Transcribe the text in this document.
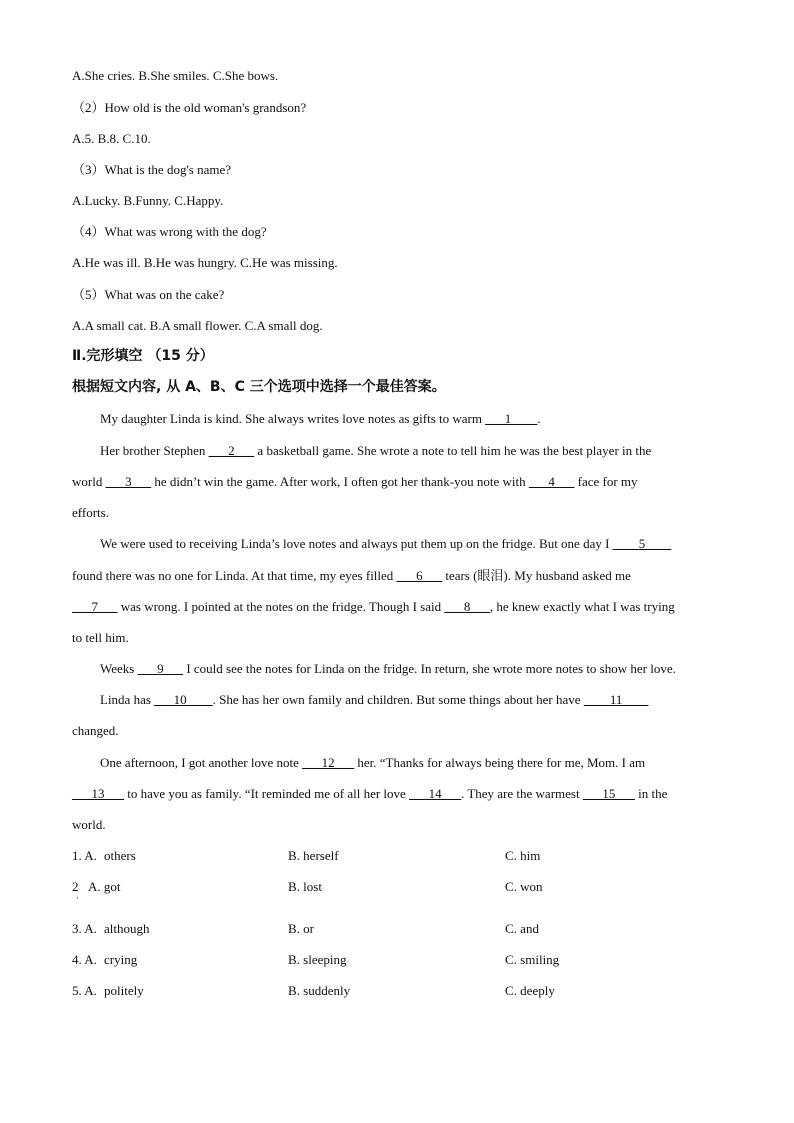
A.She cries. B.She smiles. C.She bows.
（2）How old is the old woman's grandson?
A.5. B.8. C.10.
（3）What is the dog's name?
A.Lucky. B.Funny. C.Happy.
（4）What was wrong with the dog?
A.He was ill. B.He was hungry. C.He was missing.
（5）What was on the cake?
A.A small cat. B.A small flower. C.A small dog.
Ⅱ.完形填空 （15 分）
根据短文内容, 从 A、B、C 三个选项中选择一个最佳答案。
My daughter Linda is kind. She always writes love notes as gifts to warm ___1____.
Her brother Stephen ___2___ a basketball game. She wrote a note to tell him he was the best player in the
world ___3___ he didn’t win the game. After work, I often got her thank-you note with ___4___ face for my
efforts.
We were used to receiving Linda’s love notes and always put them up on the fridge. But one day I ____5____
found there was no one for Linda. At that time, my eyes filled ___6___ tears (眼泪). My husband asked me
___7___ was wrong. I pointed at the notes on the fridge. Though I said ___8___, he knew exactly what I was trying
to tell him.
Weeks ___9___ I could see the notes for Linda on the fridge. In return, she wrote more notes to show her love.
Linda has ___10____. She has her own family and children. But some things about her have ____11____
changed.
One afternoon, I got another love note ___12___ her. “Thanks for always being there for me, Mom. I am
___13___ to have you as family. “It reminded me of all her love ___14___. They are the warmest ___15___ in the
world.
1. A. others	B. herself	C. him
2
·
A. got	B. lost	C. won
3. A. although	B. or	C. and
4. A. crying	B. sleeping	C. smiling
5. A. politely	B. suddenly	C. deeply
